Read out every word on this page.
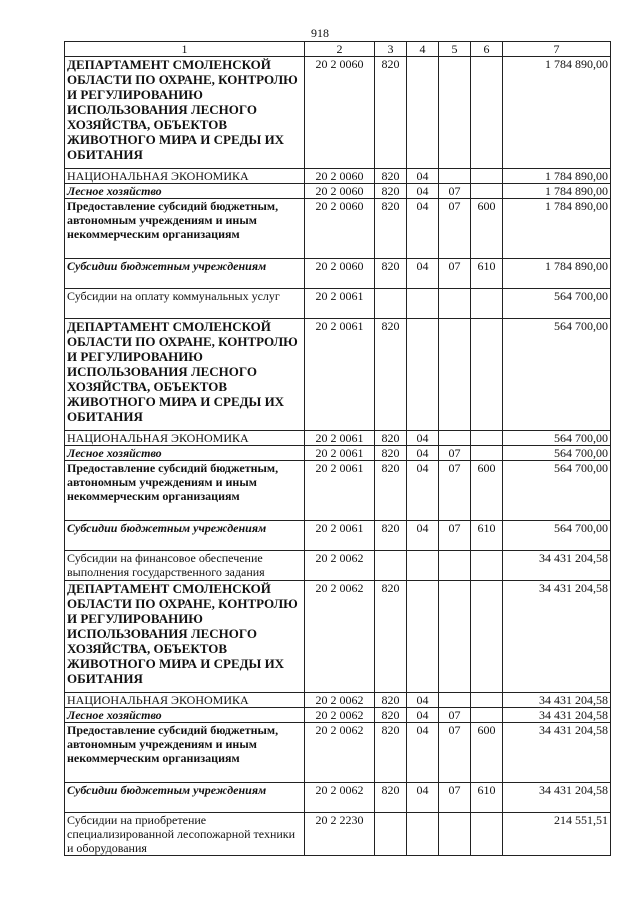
918
1	2	3	4	5	6	7
ДЕПАРТАМЕНТ СМОЛЕНСКОЙ ОБЛАСТИ ПО ОХРАНЕ, КОНТРОЛЮ И РЕГУЛИРОВАНИЮ ИСПОЛЬЗОВАНИЯ ЛЕСНОГО ХОЗЯЙСТВА, ОБЪЕКТОВ ЖИВОТНОГО МИРА И СРЕДЫ ИХ ОБИТАНИЯ	20 2 0060	820				1 784 890,00
НАЦИОНАЛЬНАЯ ЭКОНОМИКА	20 2 0060	820	04			1 784 890,00
Лесное хозяйство	20 2 0060	820	04	07		1 784 890,00
Предоставление субсидий бюджетным, автономным учреждениям и иным некоммерческим организациям	20 2 0060	820	04	07	600	1 784 890,00
Субсидии бюджетным учреждениям	20 2 0060	820	04	07	610	1 784 890,00
Субсидии на оплату коммунальных услуг	20 2 0061					564 700,00
ДЕПАРТАМЕНТ СМОЛЕНСКОЙ ОБЛАСТИ ПО ОХРАНЕ, КОНТРОЛЮ И РЕГУЛИРОВАНИЮ ИСПОЛЬЗОВАНИЯ ЛЕСНОГО ХОЗЯЙСТВА, ОБЪЕКТОВ ЖИВОТНОГО МИРА И СРЕДЫ ИХ ОБИТАНИЯ	20 2 0061	820				564 700,00
НАЦИОНАЛЬНАЯ ЭКОНОМИКА	20 2 0061	820	04			564 700,00
Лесное хозяйство	20 2 0061	820	04	07		564 700,00
Предоставление субсидий бюджетным, автономным учреждениям и иным некоммерческим организациям	20 2 0061	820	04	07	600	564 700,00
Субсидии бюджетным учреждениям	20 2 0061	820	04	07	610	564 700,00
Субсидии на финансовое обеспечение выполнения государственного задания	20 2 0062					34 431 204,58
ДЕПАРТАМЕНТ СМОЛЕНСКОЙ ОБЛАСТИ ПО ОХРАНЕ, КОНТРОЛЮ И РЕГУЛИРОВАНИЮ ИСПОЛЬЗОВАНИЯ ЛЕСНОГО ХОЗЯЙСТВА, ОБЪЕКТОВ ЖИВОТНОГО МИРА И СРЕДЫ ИХ ОБИТАНИЯ	20 2 0062	820				34 431 204,58
НАЦИОНАЛЬНАЯ ЭКОНОМИКА	20 2 0062	820	04			34 431 204,58
Лесное хозяйство	20 2 0062	820	04	07		34 431 204,58
Предоставление субсидий бюджетным, автономным учреждениям и иным некоммерческим организациям	20 2 0062	820	04	07	600	34 431 204,58
Субсидии бюджетным учреждениям	20 2 0062	820	04	07	610	34 431 204,58
Субсидии на приобретение специализированной лесопожарной техники и оборудования	20 2 2230					214 551,51
